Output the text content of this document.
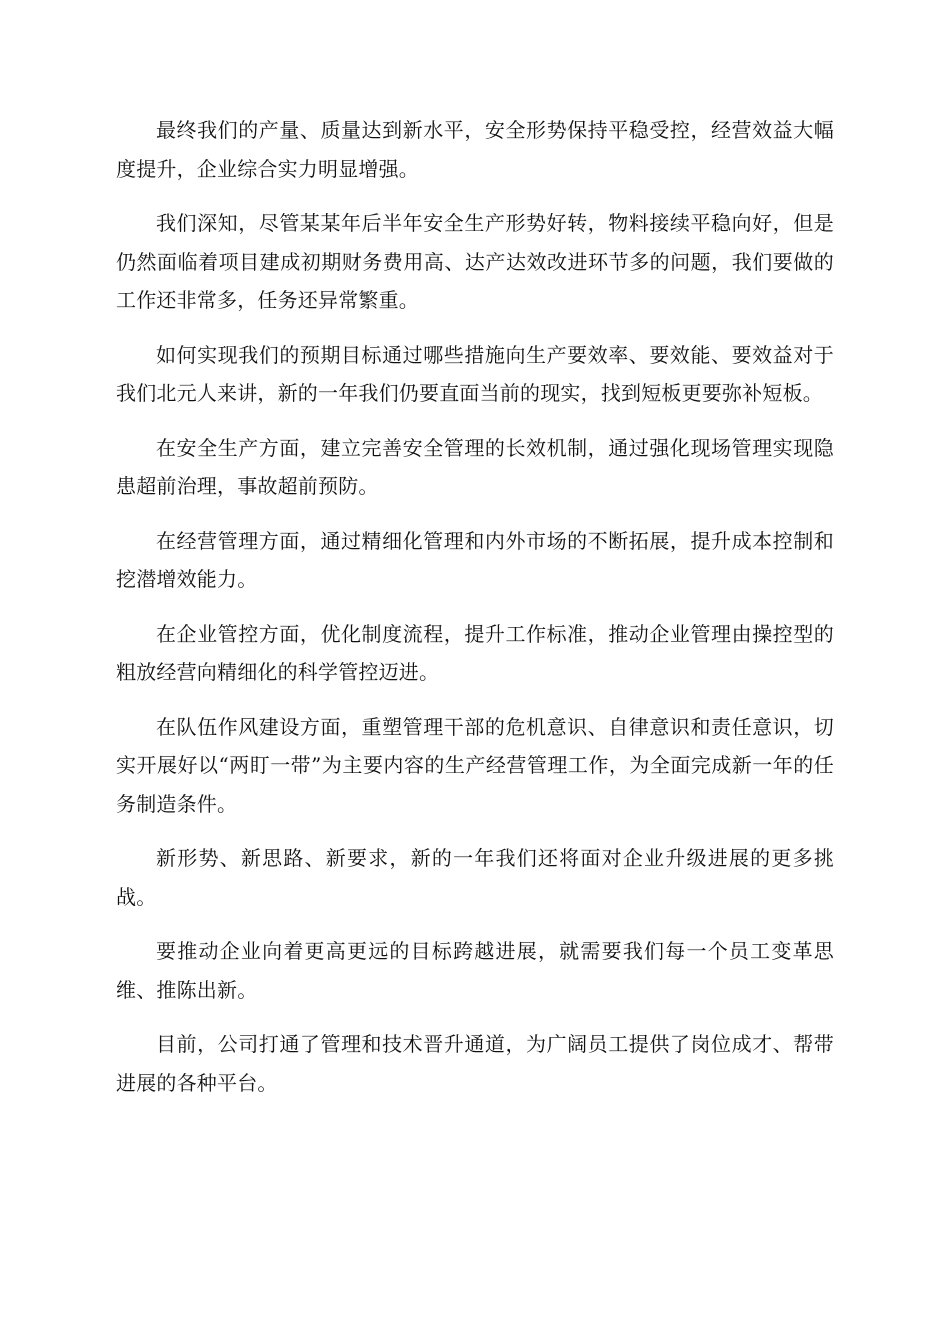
最终我们的产量、质量达到新水平，安全形势保持平稳受控，经营效益大幅度提升，企业综合实力明显增强。

我们深知，尽管某某年后半年安全生产形势好转，物料接续平稳向好，但是仍然面临着项目建成初期财务费用高、达产达效改进环节多的问题，我们要做的工作还非常多，任务还异常繁重。

如何实现我们的预期目标通过哪些措施向生产要效率、要效能、要效益对于我们北元人来讲，新的一年我们仍要直面当前的现实，找到短板更要弥补短板。

在安全生产方面，建立完善安全管理的长效机制，通过强化现场管理实现隐患超前治理，事故超前预防。

在经营管理方面，通过精细化管理和内外市场的不断拓展，提升成本控制和挖潜增效能力。

在企业管控方面，优化制度流程，提升工作标准，推动企业管理由操控型的粗放经营向精细化的科学管控迈进。

在队伍作风建设方面，重塑管理干部的危机意识、自律意识和责任意识，切实开展好以“两盯一带”为主要内容的生产经营管理工作，为全面完成新一年的任务制造条件。

新形势、新思路、新要求，新的一年我们还将面对企业升级进展的更多挑战。

要推动企业向着更高更远的目标跨越进展，就需要我们每一个员工变革思维、推陈出新。

目前，公司打通了管理和技术晋升通道，为广阔员工提供了岗位成才、帮带进展的各种平台。
